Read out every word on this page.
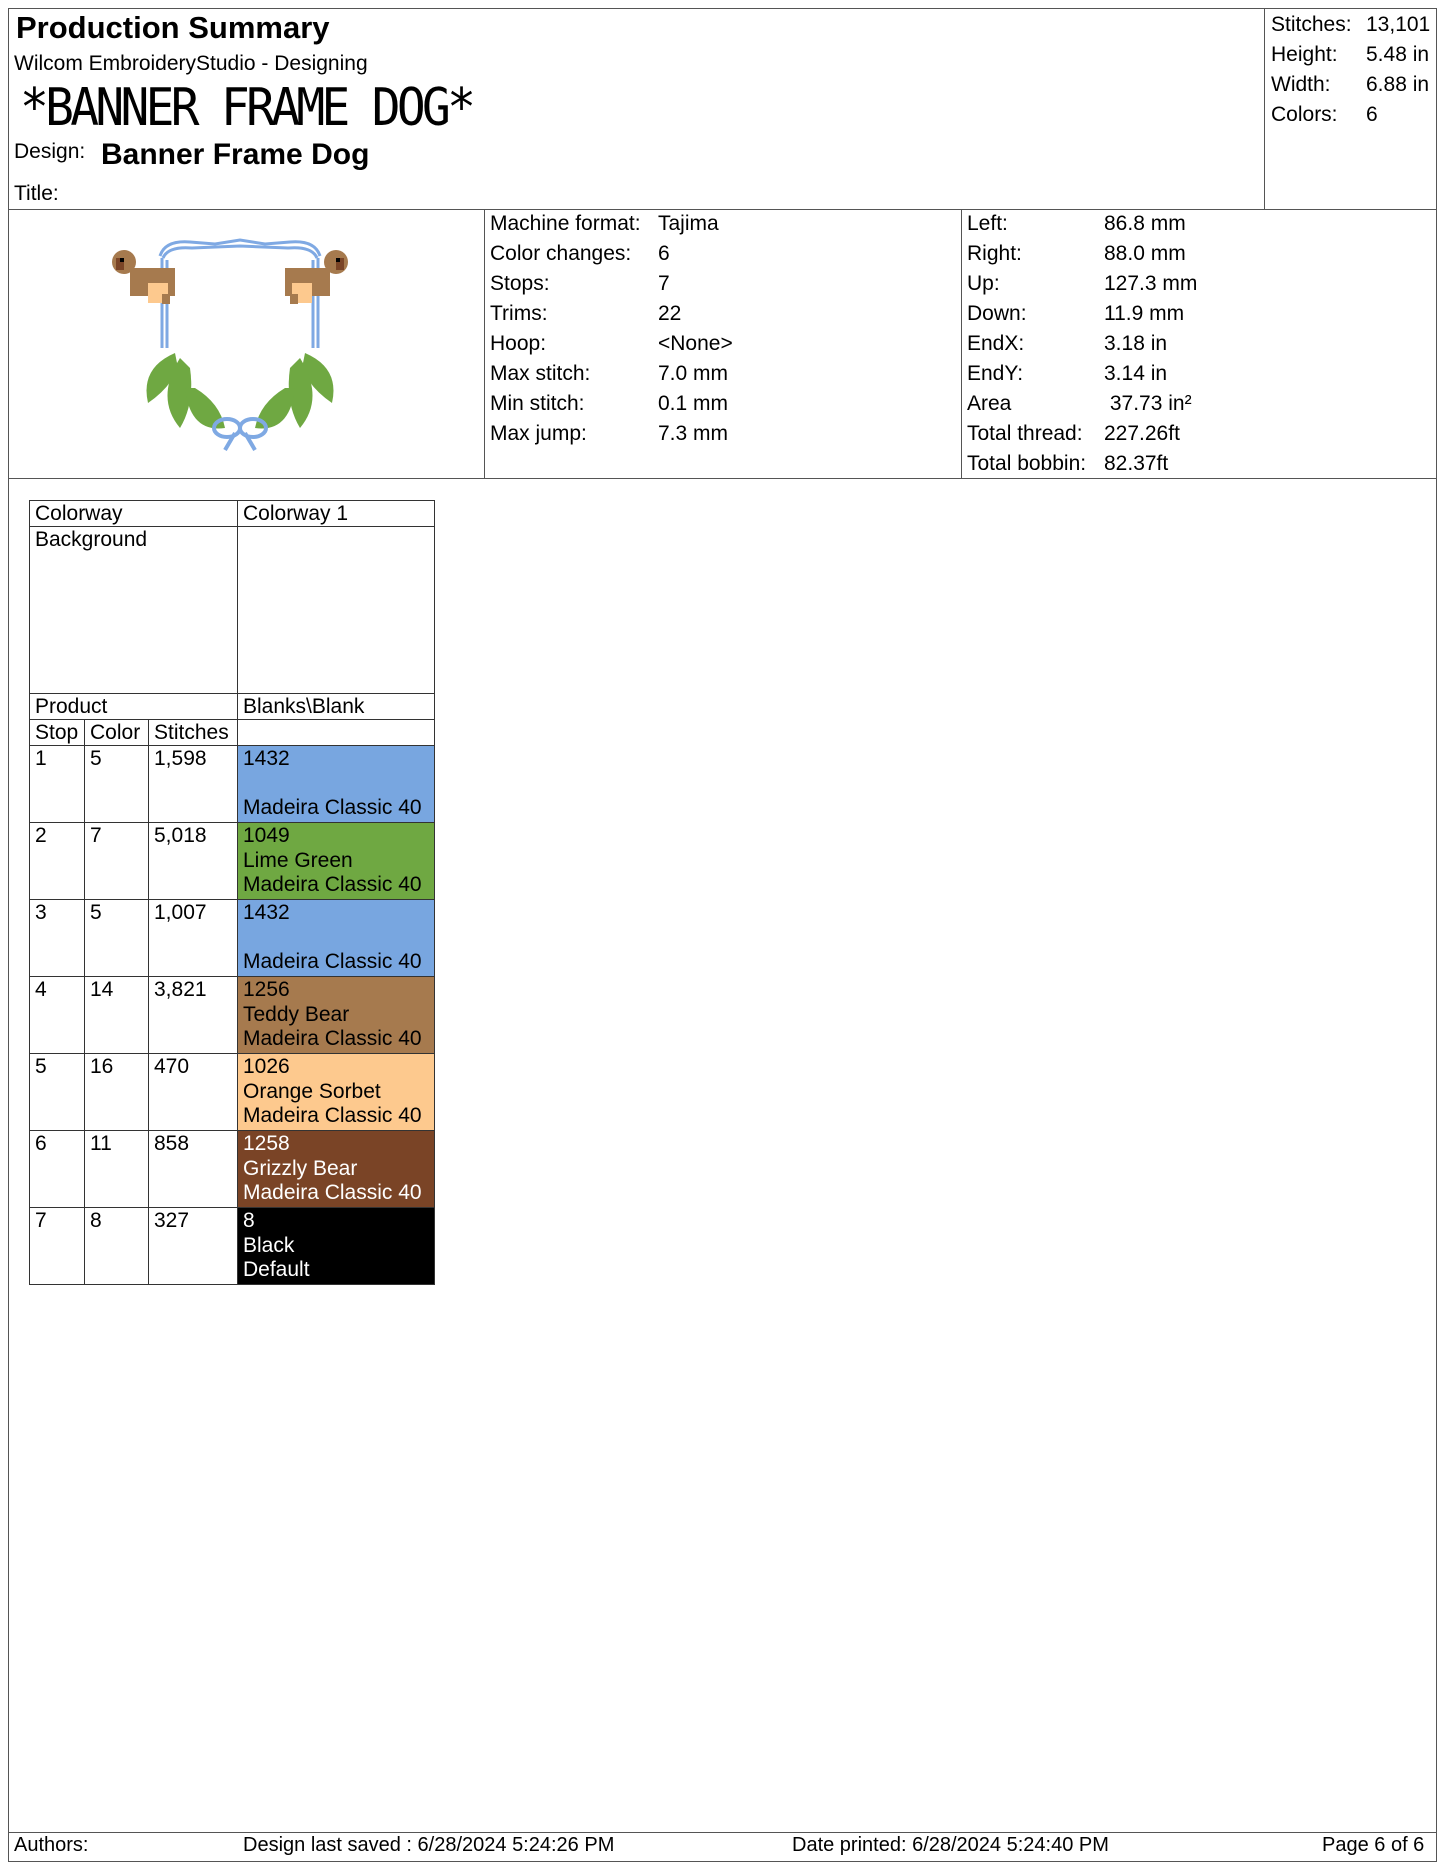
Production Summary
Wilcom EmbroideryStudio - Designing
*BANNER FRAME DOG*
Design: Banner Frame Dog
Title:
Stitches: 13,101
Height:	5.48 in
Width:	6.88 in
Colors:	6
Machine format: Tajima
Color changes:	6
Stops:	7
Trims:	22
Hoop:	<None>
Max stitch:	7.0 mm
Min stitch:	0.1 mm
Max jump:	7.3 mm
Left:	86.8 mm
Right:	88.0 mm
Up:	127.3 mm
Down:	11.9 mm
EndX:	3.18 in
EndY:	3.14 in
Area	37.73 in²
Total thread:	227.26ft
Total bobbin: 82.37ft
Colorway			Colorway 1
Background			
Product			Blanks\Blank
Stop	Color	Stitches	
1	5	1,598	1432

Madeira Classic 40

2	7	5,018	1049
Lime Green
Madeira Classic 40

3	5	1,007	1432

Madeira Classic 40

4	14	3,821	1256
Teddy Bear
Madeira Classic 40

5	16	470	1026
Orange Sorbet
Madeira Classic 40

6	11	858	1258
Grizzly Bear
Madeira Classic 40

7	8	327	8
Black
Default
Authors:	Design last saved : 6/28/2024 5:24:26 PM	Date printed: 6/28/2024 5:24:40 PM	Page 6 of 6
